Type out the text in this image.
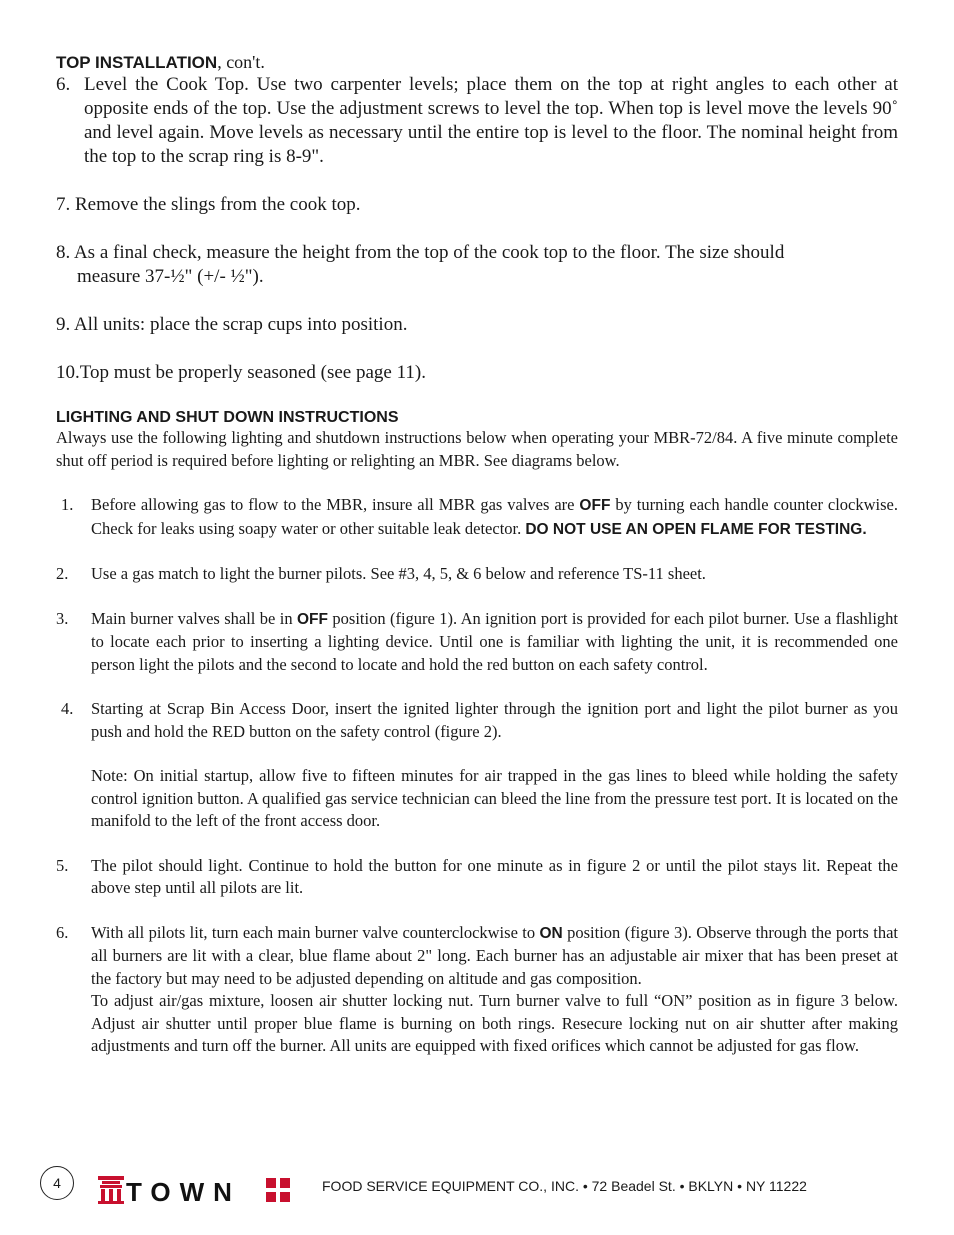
TOP INSTALLATION, con't.
6. Level the Cook Top. Use two carpenter levels; place them on the top at right angles to each other at opposite ends of the top. Use the adjustment screws to level the top. When top is level move the levels 90˚ and level again. Move levels as necessary until the entire top is level to the floor. The nominal height from the top to the scrap ring is 8-9".
7. Remove the slings from the cook top.
8. As a final check, measure the height from the top of the cook top to the floor. The size should
measure 37-½" (+/- ½").
9. All units: place the scrap cups into position.
10.Top must be properly seasoned (see page 11).
LIGHTING AND SHUT DOWN INSTRUCTIONS
Always use the following lighting and shutdown instructions below when operating your MBR-72/84. A five minute complete shut off period is required before lighting or relighting an MBR. See diagrams below.
1.	Before allowing gas to flow to the MBR, insure all MBR gas valves are OFF by turning each handle counter clockwise. Check for leaks using soapy water or other suitable leak detector. DO NOT USE AN OPEN FLAME FOR TESTING.
2.	Use a gas match to light the burner pilots. See #3, 4, 5, & 6 below and reference TS-11 sheet.
3.	Main burner valves shall be in OFF position (figure 1). An ignition port is provided for each pilot burner. Use a flashlight to locate each prior to inserting a lighting device. Until one is familiar with lighting the unit, it is recommended one person light the pilots and the second to locate and hold the red button on each safety control.
4.	Starting at Scrap Bin Access Door, insert the ignited lighter through the ignition port and light the pilot burner as you push and hold the RED button on the safety control (figure 2).
Note: On initial startup, allow five to fifteen minutes for air trapped in the gas lines to bleed while holding the safety control ignition button. A qualified gas service technician can bleed the line from the pressure test port. It is located on the manifold to the left of the front access door.
5.	The pilot should light. Continue to hold the button for one minute as in figure 2 or until the pilot stays lit. Repeat the above step until all pilots are lit.
6.	With all pilots lit, turn each main burner valve counterclockwise to ON position (figure 3). Observe through the ports that all burners are lit with a clear, blue flame about 2" long. Each burner has an adjustable air mixer that has been preset at the factory but may need to be adjusted depending on altitude and gas composition.
To adjust air/gas mixture, loosen air shutter locking nut. Turn burner valve to full “ON” position as in figure 3 below. Adjust air shutter until proper blue flame is burning on both rings. Resecure locking nut on air shutter after making adjustments and turn off the burner. All units are equipped with fixed orifices which cannot be adjusted for gas flow.
4	TOWN	FOOD SERVICE EQUIPMENT CO., INC. • 72 Beadel St. • BKLYN • NY 11222
